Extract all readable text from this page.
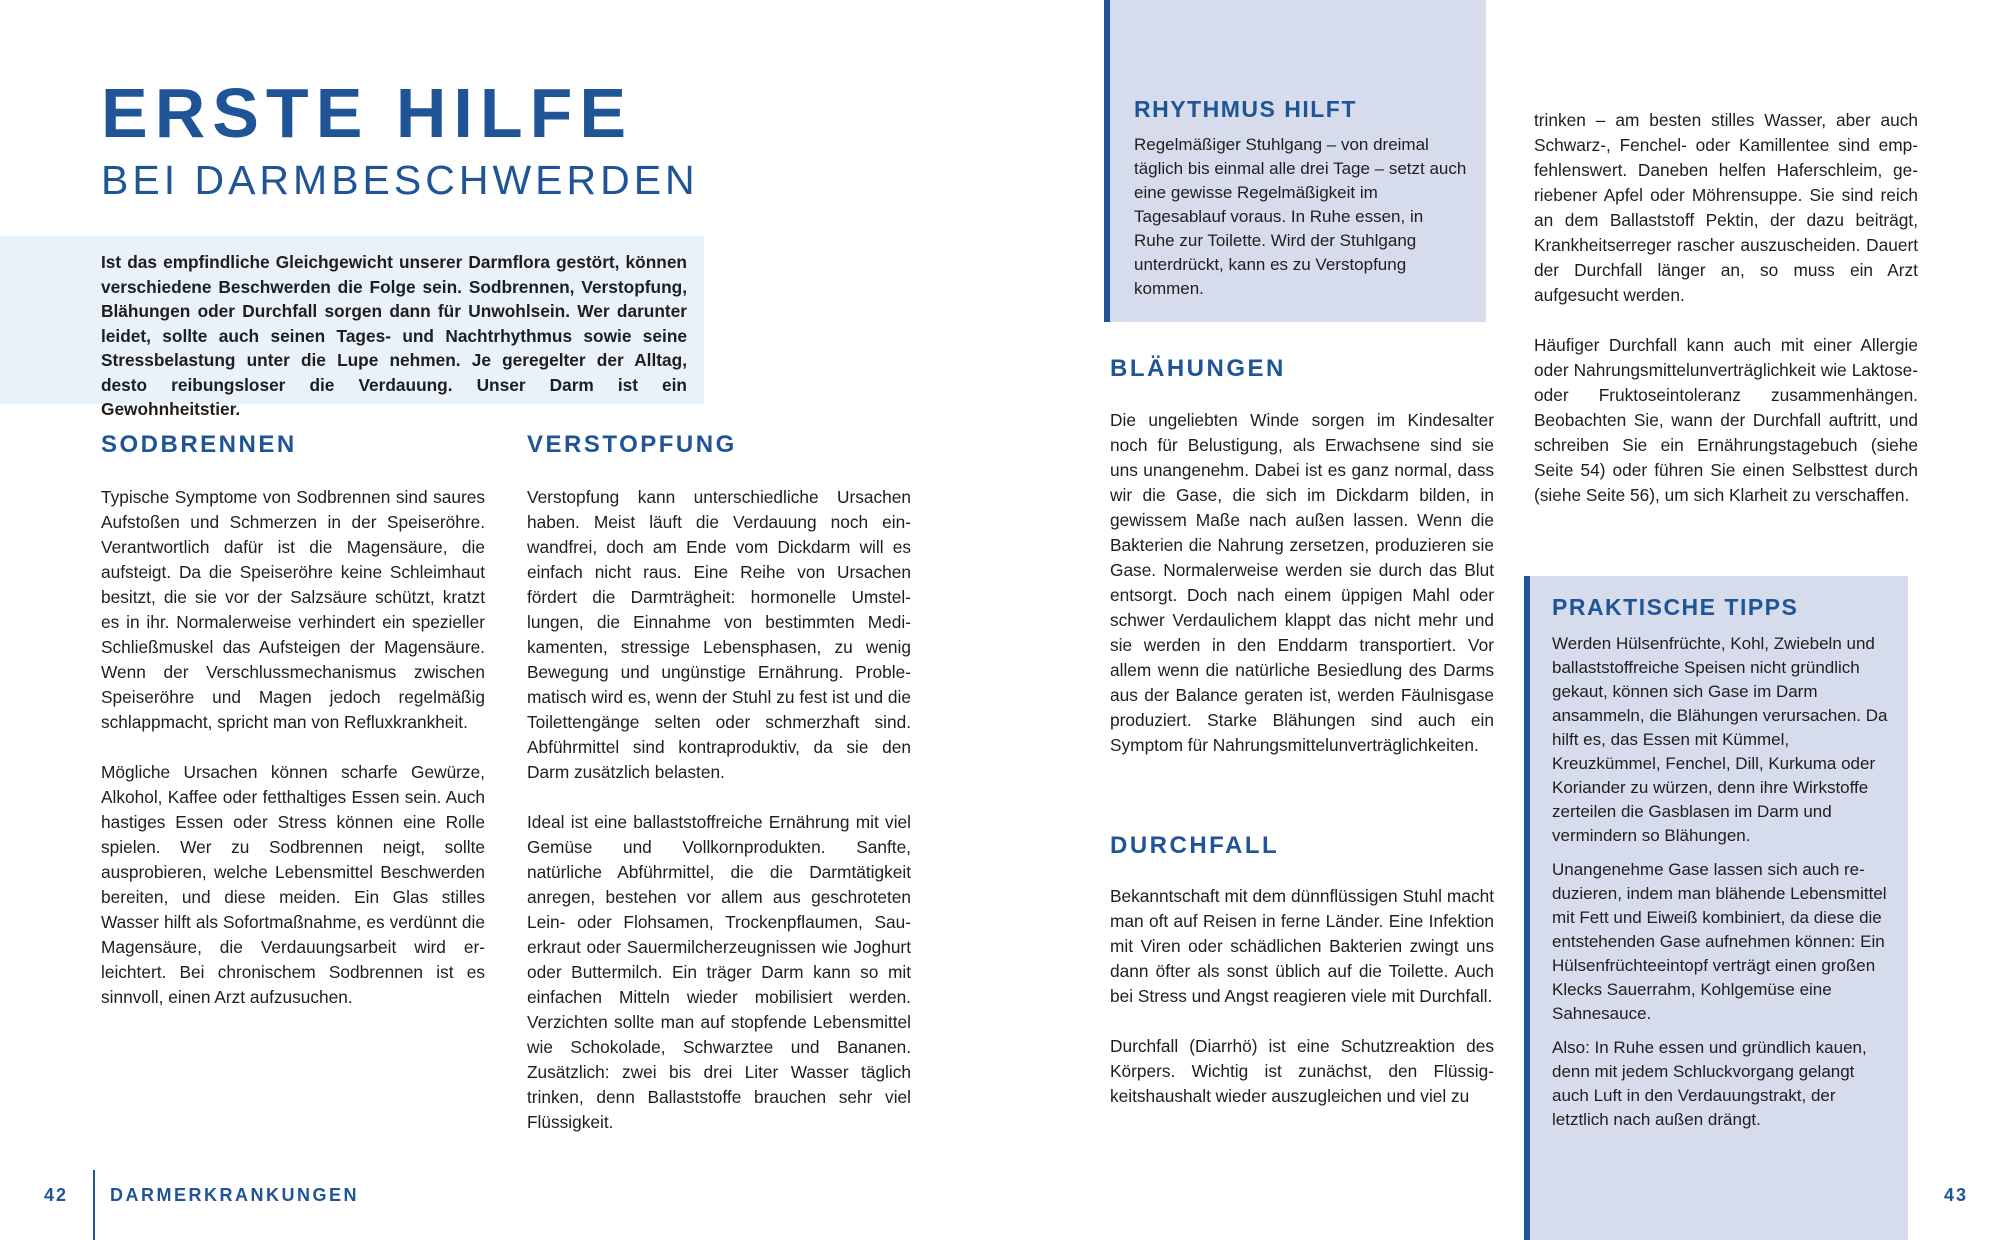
ERSTE HILFE
BEI DARMBESCHWERDEN
Ist das empfindliche Gleichgewicht unserer Darmflora gestört, können verschiedene Beschwerden die Folge sein. Sodbrennen, Verstopfung, Blähungen oder Durchfall sorgen dann für Unwohlsein. Wer darunter leidet, sollte auch seinen Tages- und Nachtrhythmus sowie seine Stressbelastung unter die Lupe nehmen. Je geregelter der Alltag, desto reibungsloser die Verdauung. Unser Darm ist ein Gewohnheitstier.
SODBRENNEN

Typische Symptome von Sodbrennen sind saures Aufstoßen und Schmerzen in der Speiseröhre. Verantwortlich dafür ist die Magensäure, die aufsteigt. Da die Speiseröhre keine Schleimhaut besitzt, die sie vor der Salzsäure schützt, kratzt es in ihr. Normalerweise verhindert ein spezieller Schließmuskel das Aufsteigen der Magensäure. Wenn der Verschlussmechanismus zwischen Speiseröhre und Magen jedoch regelmäßig schlappmacht, spricht man von Refluxkrankheit.

Mögliche Ursachen können scharfe Gewürze, Alkohol, Kaffee oder fetthaltiges Essen sein. Auch hastiges Essen oder Stress können eine Rolle spielen. Wer zu Sodbrennen neigt, sollte ausprobieren, welche Lebensmittel Beschwerden bereiten, und diese meiden. Ein Glas stilles Wasser hilft als Sofortmaßnahme, es verdünnt die Magensäure, die Verdauungsarbeit wird erleichtert. Bei chronischem Sodbrennen ist es sinnvoll, einen Arzt aufzusuchen.

VERSTOPFUNG

Verstopfung kann unterschiedliche Ursachen haben. Meist läuft die Verdauung noch einwandfrei, doch am Ende vom Dickdarm will es einfach nicht raus. Eine Reihe von Ursachen fördert die Darmträgheit: hormonelle Umstellungen, die Einnahme von bestimmten Medikamenten, stressige Lebensphasen, zu wenig Bewegung und ungünstige Ernährung. Problematisch wird es, wenn der Stuhl zu fest ist und die Toilettengänge selten oder schmerzhaft sind. Abführmittel sind kontraproduktiv, da sie den Darm zusätzlich belasten.

Ideal ist eine ballaststoffreiche Ernährung mit viel Gemüse und Vollkornprodukten. Sanfte, natürliche Abführmittel, die die Darmtätigkeit anregen, bestehen vor allem aus geschroteten Lein- oder Flohsamen, Trockenpflaumen, Sauerkraut oder Sauermilcherzeugnissen wie Joghurt oder Buttermilch. Ein träger Darm kann so mit einfachen Mitteln wieder mobilisiert werden. Verzichten sollte man auf stopfende Lebensmittel wie Schokolade, Schwarztee und Bananen. Zusätzlich: zwei bis drei Liter Wasser täglich trinken, denn Ballaststoffe brauchen sehr viel Flüssigkeit.

42 DARMERKRANKUNGEN
RHYTHMUS HILFT
Regelmäßiger Stuhlgang – von dreimal täglich bis einmal alle drei Tage – setzt auch eine gewisse Regelmäßigkeit im Tagesablauf voraus. In Ruhe essen, in Ruhe zur Toilette. Wird der Stuhlgang unterdrückt, kann es zu Verstopfung kommen.
BLÄHUNGEN

Die ungeliebten Winde sorgen im Kindesalter noch für Belustigung, als Erwachsene sind sie uns unangenehm. Dabei ist es ganz normal, dass wir die Gase, die sich im Dickdarm bilden, in gewissem Maße nach außen lassen. Wenn die Bakterien die Nahrung zersetzen, produzieren sie Gase. Normalerweise werden sie durch das Blut entsorgt. Doch nach einem üppigen Mahl oder schwer Verdaulichem klappt das nicht mehr und sie werden in den Enddarm transportiert. Vor allem wenn die natürliche Besiedlung des Darms aus der Balance geraten ist, werden Fäulnisgase produziert. Starke Blähungen sind auch ein Symptom für Nahrungsmittelunverträglichkeiten.

DURCHFALL

Bekanntschaft mit dem dünnflüssigen Stuhl macht man oft auf Reisen in ferne Länder. Eine Infektion mit Viren oder schädlichen Bakterien zwingt uns dann öfter als sonst üblich auf die Toilette. Auch bei Stress und Angst reagieren viele mit Durchfall.

Durchfall (Diarrhö) ist eine Schutzreaktion des Körpers. Wichtig ist zunächst, den Flüssigkeitshaushalt wieder auszugleichen und viel zu

trinken – am besten stilles Wasser, aber auch Schwarz-, Fenchel- oder Kamillentee sind empfehlenswert. Daneben helfen Haferschleim, geriebener Apfel oder Möhrensuppe. Sie sind reich an dem Ballaststoff Pektin, der dazu beiträgt, Krankheitserreger rascher auszuscheiden. Dauert der Durchfall länger an, so muss ein Arzt aufgesucht werden.

Häufiger Durchfall kann auch mit einer Allergie oder Nahrungsmittelunverträglichkeit wie Laktose- oder Fruktoseintoleranz zusammenhängen. Beobachten Sie, wann der Durchfall auftritt, und schreiben Sie ein Ernährungstagebuch (siehe Seite 54) oder führen Sie einen Selbsttest durch (siehe Seite 56), um sich Klarheit zu verschaffen.

PRAKTISCHE TIPPS

Werden Hülsenfrüchte, Kohl, Zwiebeln und ballaststoffreiche Speisen nicht gründlich gekaut, können sich Gase im Darm ansammeln, die Blähungen verursachen. Da hilft es, das Essen mit Kümmel, Kreuzkümmel, Fenchel, Dill, Kurkuma oder Koriander zu würzen, denn ihre Wirkstoffe zerteilen die Gasblasen im Darm und vermindern so Blähungen.

Unangenehme Gase lassen sich auch reduzieren, indem man blähende Lebensmittel mit Fett und Eiweiß kombiniert, da diese die entstehenden Gase aufnehmen können: Ein Hülsenfrüchteeintopf verträgt einen großen Klecks Sauerrahm, Kohlgemüse eine Sahnesauce.

Also: In Ruhe essen und gründlich kauen, denn mit jedem Schluckvorgang gelangt auch Luft in den Verdauungstrakt, der letztlich nach außen drängt.

43
